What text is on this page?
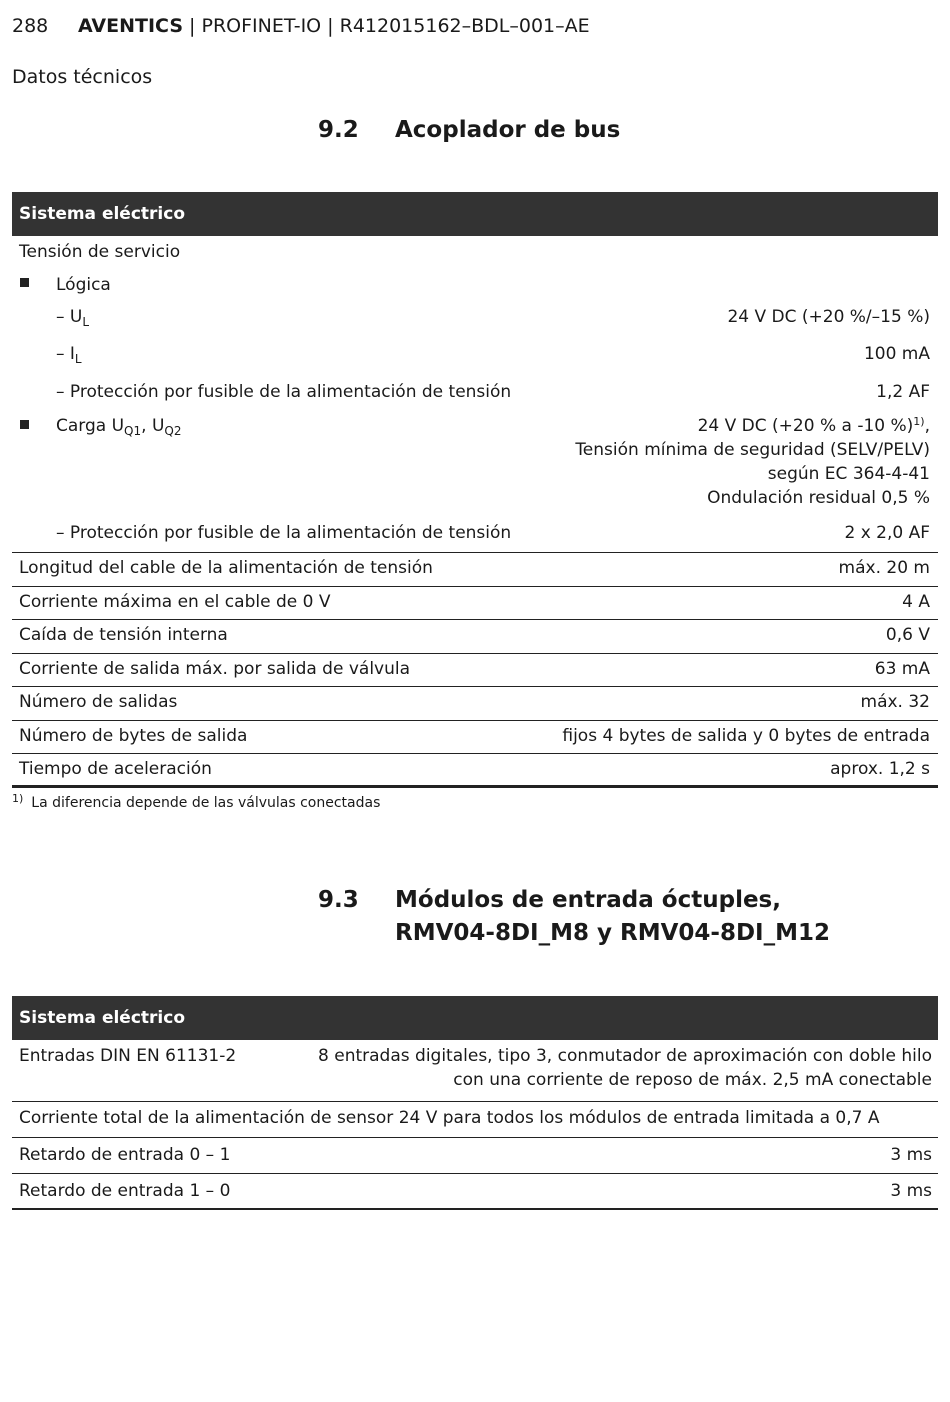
288 AVENTICS | PROFINET-IO | R412015162–BDL–001–AE
Datos técnicos
9.2 Acoplador de bus
Sistema eléctrico
Tensión de servicio
Lógica
– $U_L$	24 V DC (+20 %/–15 %)
– $I_L$	100 mA
– Protección por fusible de la alimentación de tensión	1,2 AF
Carga $U_{Q1}$, $U_{Q2}$	24 V DC (+20 % a -10 %)$^{1)}$,
Tensión mínima de seguridad (SELV/PELV)
según EC 364-4-41
Ondulación residual 0,5 %
– Protección por fusible de la alimentación de tensión	2 x 2,0 AF
Longitud del cable de la alimentación de tensión	máx. 20 m
Corriente máxima en el cable de 0 V	4 A
Caída de tensión interna	0,6 V
Corriente de salida máx. por salida de válvula	63 mA
Número de salidas	máx. 32
Número de bytes de salida	fijos 4 bytes de salida y 0 bytes de entrada
Tiempo de aceleración	aprox. 1,2 s
$^{1)}$ La diferencia depende de las válvulas conectadas
9.3 Módulos de entrada óctuples,
RMV04-8DI_M8 y RMV04-8DI_M12
Sistema eléctrico
Entradas DIN EN 61131-2	8 entradas digitales, tipo 3, conmutador de aproximación con doble hilo
con una corriente de reposo de máx. 2,5 mA conectable
Corriente total de la alimentación de sensor 24 V para todos los módulos de entrada limitada a 0,7 A
Retardo de entrada 0 – 1	3 ms
Retardo de entrada 1 – 0	3 ms
